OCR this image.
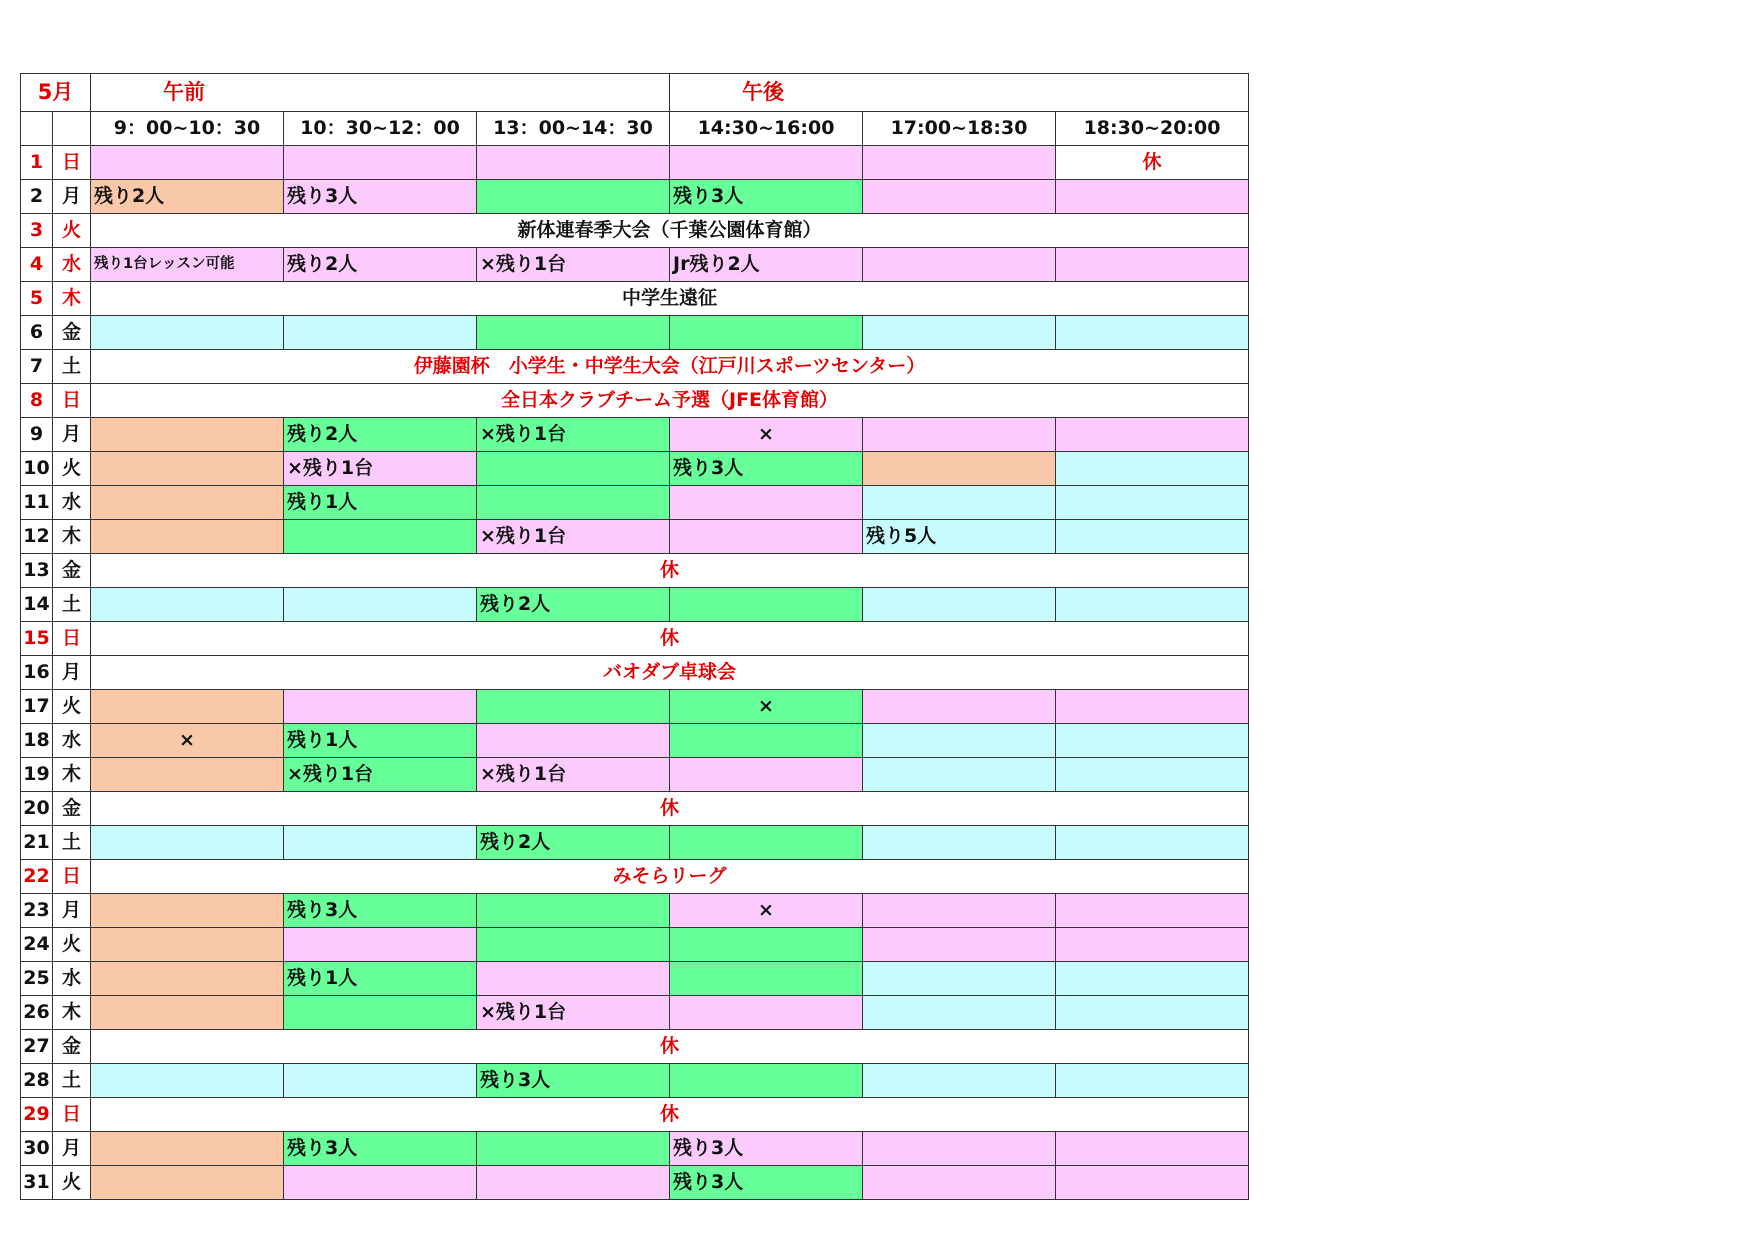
5月		午前			午後		
		9：00~10：30	10：30~12：00	13：00~14：30	14:30~16:00	17:00~18:30	18:30~20:00
1	日						休
2	月	残り2人	残り3人		残り3人		
3	火	新体連春季大会（千葉公園体育館）					
4	水	残り1台レッスン可能	残り2人	×残り1台	Jr残り2人		
5	木	中学生遠征					
6	金						
7	土	伊藤園杯　小学生・中学生大会（江戸川スポーツセンター）					
8	日	全日本クラブチーム予選（JFE体育館）					
9	月		残り2人	×残り1台	×		
10	火		×残り1台		残り3人		
11	水		残り1人				
12	木			×残り1台		残り5人	
13	金	休					
14	土			残り2人			
15	日	休					
16	月	バオダブ卓球会					
17	火				×		
18	水	×	残り1人				
19	木		×残り1台	×残り1台			
20	金	休					
21	土			残り2人			
22	日	みそらリーグ					
23	月		残り3人		×		
24	火						
25	水		残り1人				
26	木			×残り1台			
27	金	休					
28	土			残り3人			
29	日	休					
30	月		残り3人		残り3人		
31	火				残り3人		
